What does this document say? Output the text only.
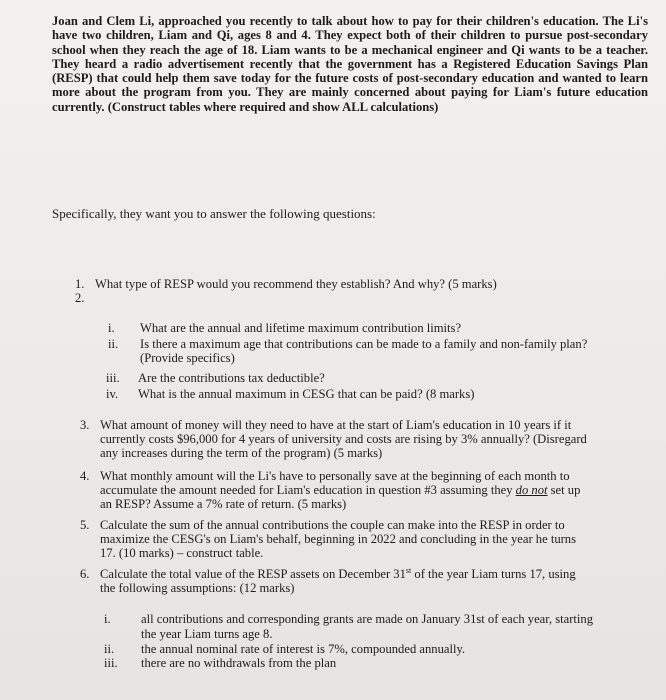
Joan and Clem Li, approached you recently to talk about how to pay for their children's education. The Li's have two children, Liam and Qi, ages 8 and 4. They expect both of their children to pursue post-secondary school when they reach the age of 18. Liam wants to be a mechanical engineer and Qi wants to be a teacher. They heard a radio advertisement recently that the government has a Registered Education Savings Plan (RESP) that could help them save today for the future costs of post-secondary education and wanted to learn more about the program from you. They are mainly concerned about paying for Liam's future education currently. (Construct tables where required and show ALL calculations)
Specifically, they want you to answer the following questions:
1. What type of RESP would you recommend they establish? And why? (5 marks)
2.
i. What are the annual and lifetime maximum contribution limits?
ii. Is there a maximum age that contributions can be made to a family and non-family plan?
(Provide specifics)
iii. Are the contributions tax deductible?
iv. What is the annual maximum in CESG that can be paid? (8 marks)
3. What amount of money will they need to have at the start of Liam's education in 10 years if it
currently costs $96,000 for 4 years of university and costs are rising by 3% annually? (Disregard
any increases during the term of the program) (5 marks)
4. What monthly amount will the Li's have to personally save at the beginning of each month to
accumulate the amount needed for Liam's education in question #3 assuming they do not set up
an RESP? Assume a 7% rate of return. (5 marks)
5. Calculate the sum of the annual contributions the couple can make into the RESP in order to
maximize the CESG's on Liam's behalf, beginning in 2022 and concluding in the year he turns
17. (10 marks) – construct table.
6. Calculate the total value of the RESP assets on December 31st of the year Liam turns 17, using
the following assumptions: (12 marks)
i. all contributions and corresponding grants are made on January 31st of each year, starting
the year Liam turns age 8.
ii. the annual nominal rate of interest is 7%, compounded annually.
iii. there are no withdrawals from the plan
